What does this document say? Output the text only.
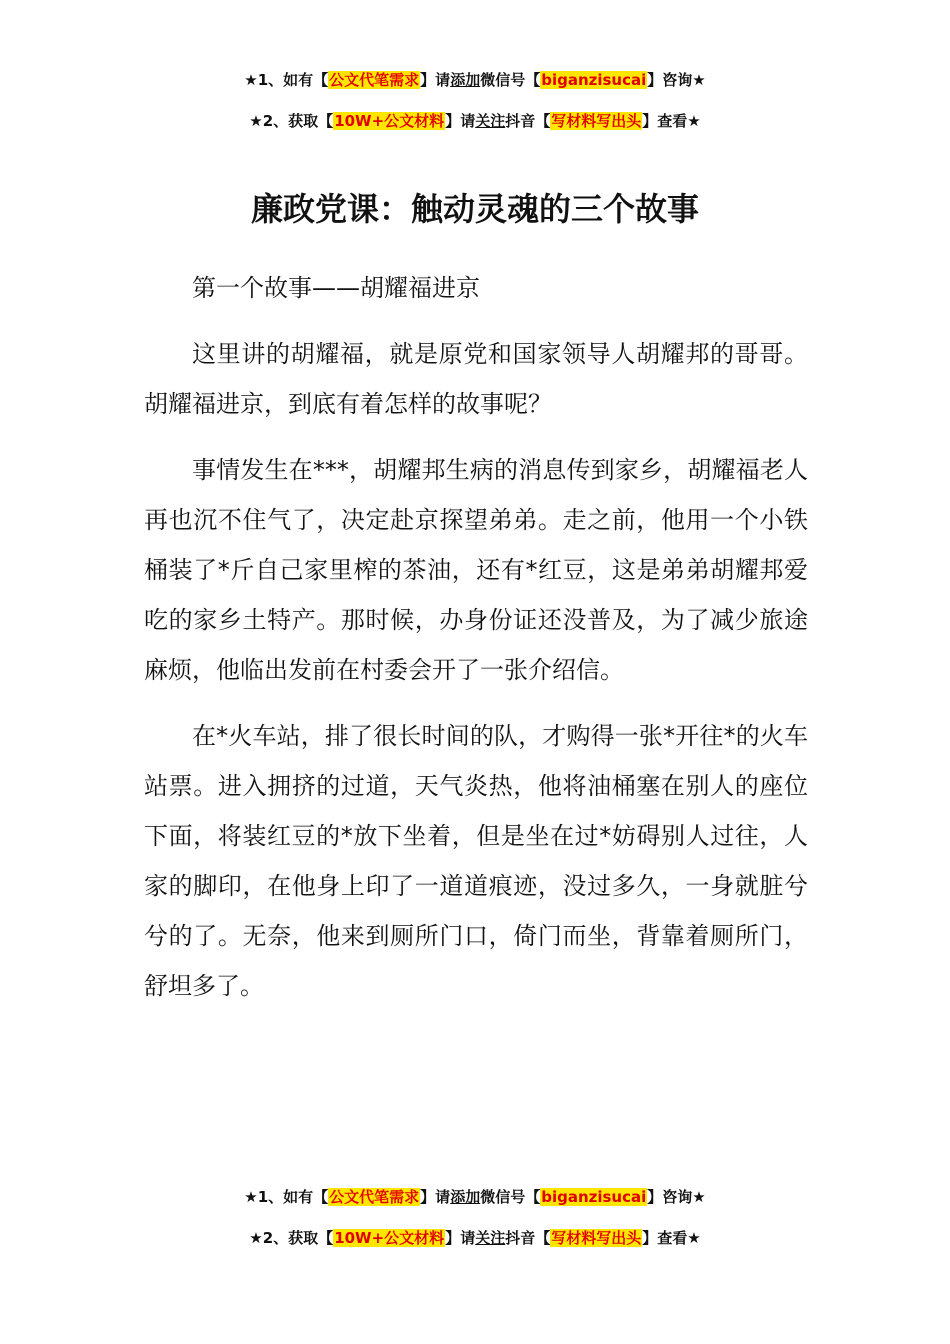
★1、如有【公文代笔需求】请添加微信号【biganzisucai】咨询★
★2、获取【10W+公文材料】请关注抖音【写材料写出头】查看★
廉政党课：触动灵魂的三个故事

第一个故事——胡耀福进京

这里讲的胡耀福，就是原党和国家领导人胡耀邦的哥哥。胡耀福进京，到底有着怎样的故事呢？

事情发生在***，胡耀邦生病的消息传到家乡，胡耀福老人再也沉不住气了，决定赴京探望弟弟。走之前，他用一个小铁桶装了*斤自己家里榨的茶油，还有*红豆，这是弟弟胡耀邦爱吃的家乡土特产。那时候，办身份证还没普及，为了减少旅途麻烦，他临出发前在村委会开了一张介绍信。

在*火车站，排了很长时间的队，才购得一张*开往*的火车站票。进入拥挤的过道，天气炎热，他将油桶塞在别人的座位下面，将装红豆的*放下坐着，但是坐在过*妨碍别人过往，人家的脚印，在他身上印了一道道痕迹，没过多久，一身就脏兮兮的了。无奈，他来到厕所门口，倚门而坐，背靠着厕所门，舒坦多了。

★1、如有【公文代笔需求】请添加微信号【biganzisucai】咨询★
★2、获取【10W+公文材料】请关注抖音【写材料写出头】查看★
